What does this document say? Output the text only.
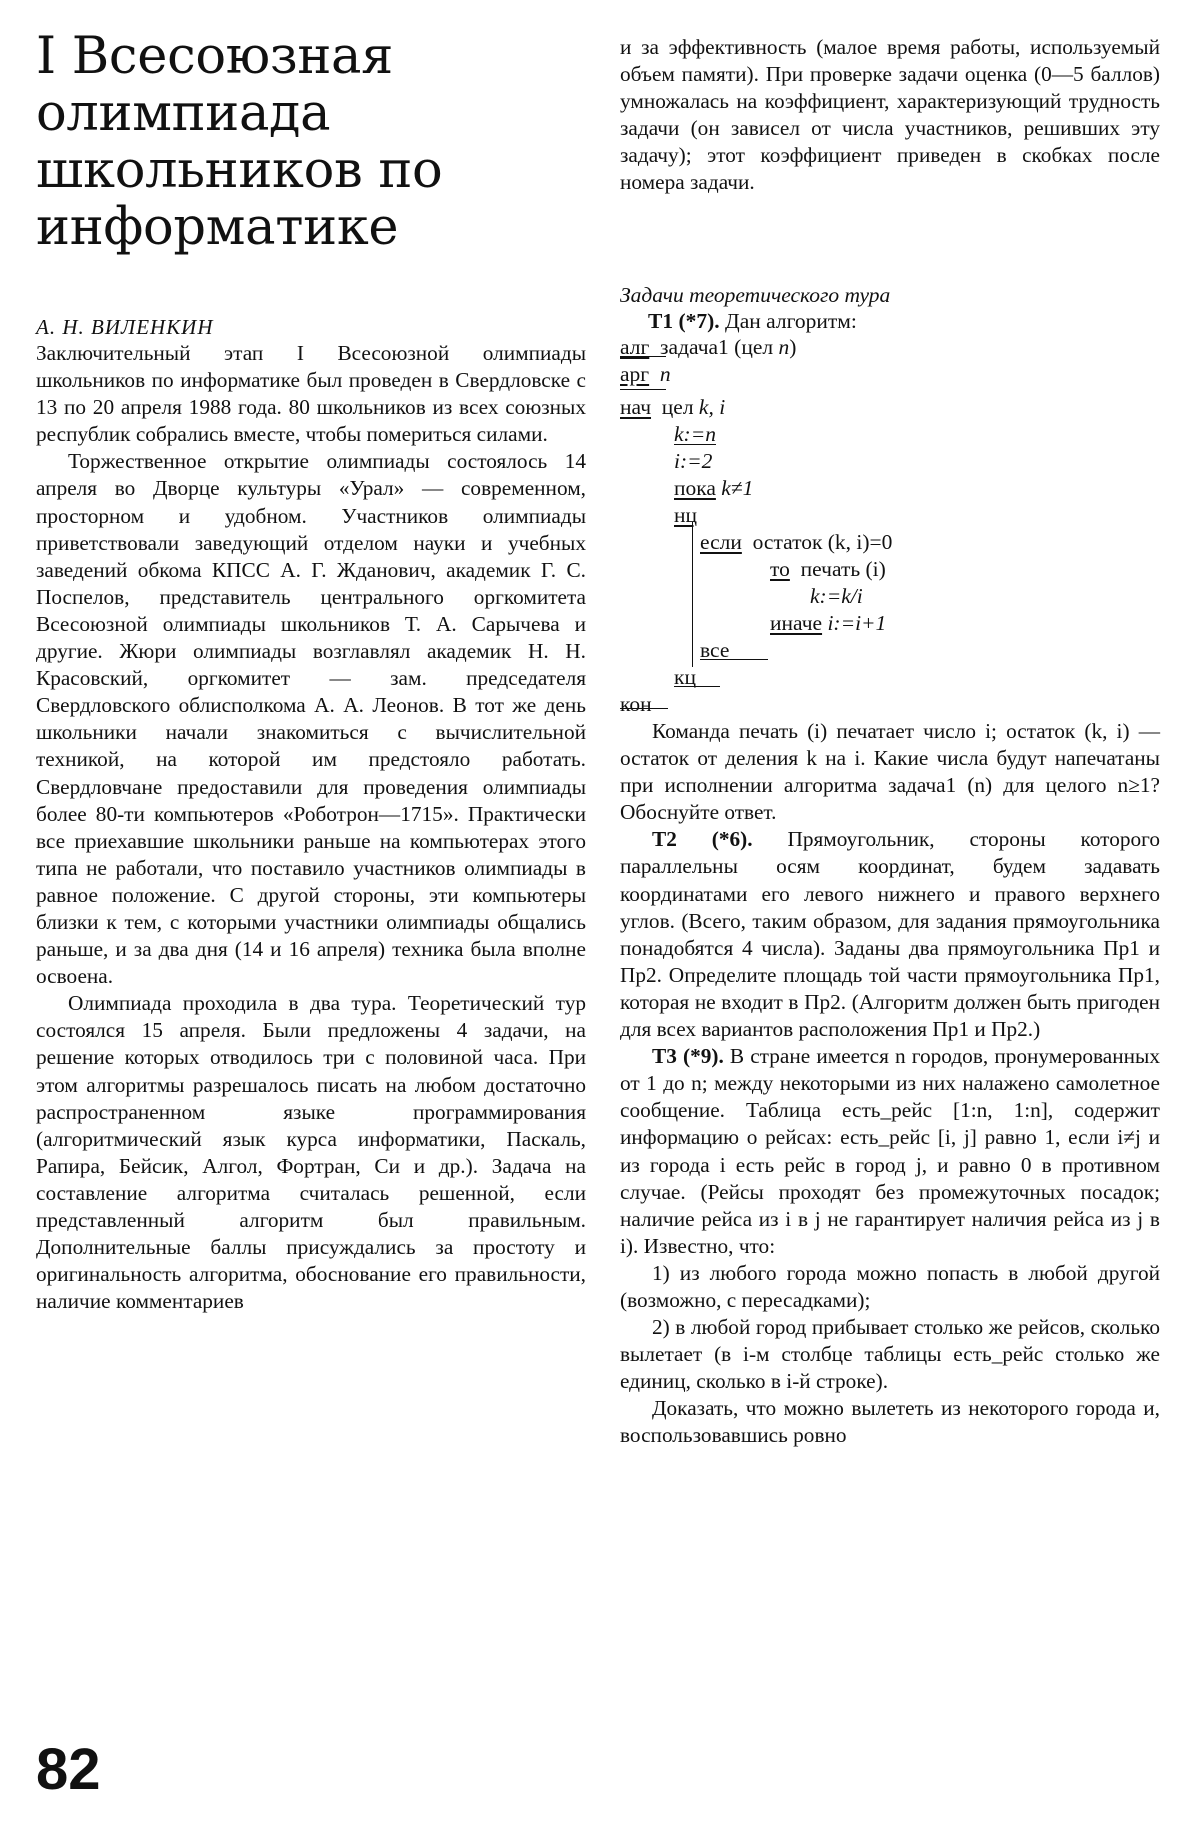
I Всесоюзная олимпиада школьников по информатике
А. Н. ВИЛЕНКИН

Заключительный этап I Всесоюзной олимпиады школьников по информатике был проведен в Свердловске с 13 по 20 апреля 1988 года. 80 школьников из всех союзных республик собрались вместе, чтобы помериться силами.

Торжественное открытие олимпиады состоялось 14 апреля во Дворце культуры «Урал» — современном, просторном и удобном. Участников олимпиады приветствовали заведующий отделом науки и учебных заведений обкома КПСС А. Г. Жданович, академик Г. С. Поспелов, представитель центрального оргкомитета Всесоюзной олимпиады школьников Т. А. Сарычева и другие. Жюри олимпиады возглавлял академик Н. Н. Красовский, оргкомитет — зам. председателя Свердловского облисполкома А. А. Леонов. В тот же день школьники начали знакомиться с вычислительной техникой, на которой им предстояло работать. Свердловчане предоставили для проведения олимпиады более 80-ти компьютеров «Роботрон—1715». Практически все приехавшие школьники раньше на компьютерах этого типа не работали, что поставило участников олимпиады в равное положение. С другой стороны, эти компьютеры близки к тем, с которыми участники олимпиады общались раньше, и за два дня (14 и 16 апреля) техника была вполне освоена.

Олимпиада проходила в два тура. Теоретический тур состоялся 15 апреля. Были предложены 4 задачи, на решение которых отводилось три с половиной часа. При этом алгоритмы разрешалось писать на любом достаточно распространенном языке программирования (алгоритмический язык курса информатики, Паскаль, Рапира, Бейсик, Алгол, Фортран, Си и др.). Задача на составление алгоритма считалась решенной, если представленный алгоритм был правильным. Дополнительные баллы присуждались за простоту и оригинальность алгоритма, обоснование его правильности, наличие комментариев

82

и за эффективность (малое время работы, используемый объем памяти). При проверке задачи оценка (0—5 баллов) умножалась на коэффициент, характеризующий трудность задачи (он зависел от числа участников, решивших эту задачу); этот коэффициент приведен в скобках после номера задачи.

Задачи теоретического тура
Т1 (*7). Дан алгоритм:
алг задача1 (цел n)
арг n
нач цел k, i
k:=n
i:=2
пока k≠1
нц
если остаток (k, i)=0
то печать (i)
k:=k/i
иначе i:=i+1
все
кц
кон

Команда печать (i) печатает число i; остаток (k, i) — остаток от деления k на i. Какие числа будут напечатаны при исполнении алгоритма задача1 (n) для целого n≥1? Обоснуйте ответ.

Т2 (*6). Прямоугольник, стороны которого параллельны осям координат, будем задавать координатами его левого нижнего и правого верхнего углов. (Всего, таким образом, для задания прямоугольника понадобятся 4 числа). Заданы два прямоугольника Пр1 и Пр2. Определите площадь той части прямоугольника Пр1, которая не входит в Пр2. (Алгоритм должен быть пригоден для всех вариантов расположения Пр1 и Пр2.)

Т3 (*9). В стране имеется n городов, пронумерованных от 1 до n; между некоторыми из них налажено самолетное сообщение. Таблица есть_рейс [1:n, 1:n], содержит информацию о рейсах: есть_рейс [i, j] равно 1, если i≠j и из города i есть рейс в город j, и равно 0 в противном случае. (Рейсы проходят без промежуточных посадок; наличие рейса из i в j не гарантирует наличия рейса из j в i). Известно, что:

1) из любого города можно попасть в любой другой (возможно, с пересадками);

2) в любой город прибывает столько же рейсов, сколько вылетает (в i-м столбце таблицы есть_рейс столько же единиц, сколько в i-й строке).

Доказать, что можно вылететь из некоторого города и, воспользовавшись ровно
